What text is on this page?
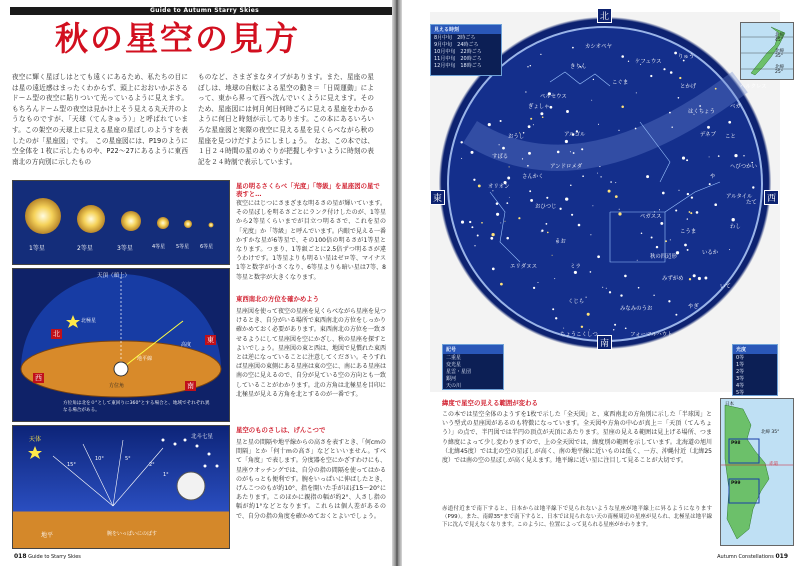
Guide to Autumn Starry Skies
秋の星空の見方
夜空に輝く星ぼしはとても遠くにあるため、私たちの目には星の遠近感はまったくわからず、頭上におおいかぶさるドーム型の夜空に貼りついて光っているように見えます。もちろんドーム型の夜空は見かけ上そう見える丸天井のようなものですが、「天球（てんきゅう）」と呼ばれています。この架空の天球上に見える星座の星ぼしのようすを表したのが「星座図」です。　この星座図には、P19のように空全体を１枚に示したものや、P22〜27にあるように東西南北の方向別に示したもの
ものなど、さまざまなタイプがあります。また、星座の星ぼしは、地球の自転による星空の動き＝「日周運動」によって、東から昇って西へ沈んでいくように見えます。そのため、星座図には何月何日何時ごろに見える星座をわかるように何日と時刻が示してあります。この本にあるいろいろな星座図と実際の夜空に見える星を見くらべながら秋の星座を見つけだすようにしましょう。　なお、この本では、１日２４時間の星のめぐりが把握しやすいように時刻の表記を２４時制で表示しています。
1等星	2等星	3等星	4等星 5等星 6等星
星の明るさくらべ「光度」「等級」を星座図の星で表すと…
夜空にはじつにさまざまな明るさの星が輝いています。その星ぼしを明るさごとにランク付けしたのが、1等星から2等星くらいまでが目立つ明るさで、これを星の「光度」か「等級」と呼んでいます。内眼で見える一番かすかな星が6等星で、その100倍の明るさが1等星となります。つまり、1等級ごとに2.5倍ずつ明るさが違うわけです。1等星よりも明るい星はゼロ等、マイナス1等と数字が小さくなり、6等星よりも暗い星は7等、8等星と数字が大きくなります。
天頂（頭上）
北極星
地平線
高度
方位角
北
東
南
西
方位角は北を０°として東回りに360°とする場合と、地域でそれぞれ異なる場合がある。
東西南北の方位を確かめよう
星座図を使って夜空の星座を見くらべながら星座を見つけるとき、自分がいる場所で東西南北の方位をしっかり確かめておく必要があります。東西南北の方位を一致させるようにして星座図を空にかざし、秋の星座を探すとよいでしょう。星座図の東と西は、地図で見慣れた東西とは逆になっていることに注意してください。そうすれば星座図の東側にある星座は東の空に、南にある星座は南の空に見えるので、自分が見ている空の方向とも一致していることがわかります。北の方角は北極星を目印に北極星が見える方角を北とするのが一番です。
天体	北斗七星
地平	腕をいっぱいにのばす
15°
10°	5°
2°
1°
星空のものさしは、げんこつで
星と星の間隔や地平線からの高さを表すとき、「何cmの間隔」とか「何十mの高さ」などといいません。すべて「角度」で表します。分度器を空にかざすわけにも、星座ウオッチングでは、自分の指の間隔を使ってはかるのがもっとも便利です。腕をいっぱいに伸ばしたとき、げんこつのもが約10°、指を開いた手がほぼ15〜20°にあたります。このほかに親指の幅が約2°、人さし指の幅が約1°などとなります。これらは個人差があるので、自分の指の角度を確かめておくとよいでしょう。
018 Guide to Starry Skies
北
東
南
西
カシオペヤ
ケフェウス
こぐま
ペルセウス
アンドロメダ
ペガスス
はくちょう
こと
わし
いるか
みずがめ
うお
くじら
おひつじ
さんかく
やぎ
みなみのうお
ちょうこくしつ
エリダヌス
オリオン
おうし
ぎょしゃ
きりん
とかげ
りゅう
ヘルクレス
へびつかい
いて
たて
や
こうま
アルタイル
ベガ
デネブ
フォーマルハウト
すばる
アルゴル
ミラ
秋の四辺形
見える時刻
8月中旬　2時ごろ
9月中旬　24時ごろ
10月中旬　22時ごろ
11月中旬　20時ごろ
12月中旬　18時ごろ
記号
二重星
変光星
星雲・星団
銀河
天の川
光度
0等
1等
2等
3等
4等
5等
北緯 45°
北緯 35°
北緯 25°
緯度で星空の見える範囲が変わる
この本では星空全体のようすを1枚で示した「全天図」と、東西南北の方角別に示した「半球図」という型式の星座図があるのも特徴になっています。全天図や方角の中心が真上＝「天頂（てんちょう）」の点で、半円図では半円の頂点が天頂にあたります。星座の見える範囲は見上げる場所、つまり緯度によって少し変わりますので、上の全天図では、緯度別の範囲を示しています。北海道の旭川（北緯45度）では北の空の星ぼしが高く、南の地平線に近いものは低く、一方、沖縄付近（北緯25度）では南の空の星ぼしが高く見えます。地平線に近い星に注目して見ることが大切です。
赤道付近まで南下すると、日本からは地平線下で見られないような星座が地平線上に昇るようになります（P99）。また、南緯35°まで南下すると、日本では見られない天の南極周辺の星座が見られ、北極星は地平線下に沈んで見えなくなります。このように、位置によって見られる星座がかわります。
日本
北緯 35°
P98
赤道
P99
Autumn Constellations 019
